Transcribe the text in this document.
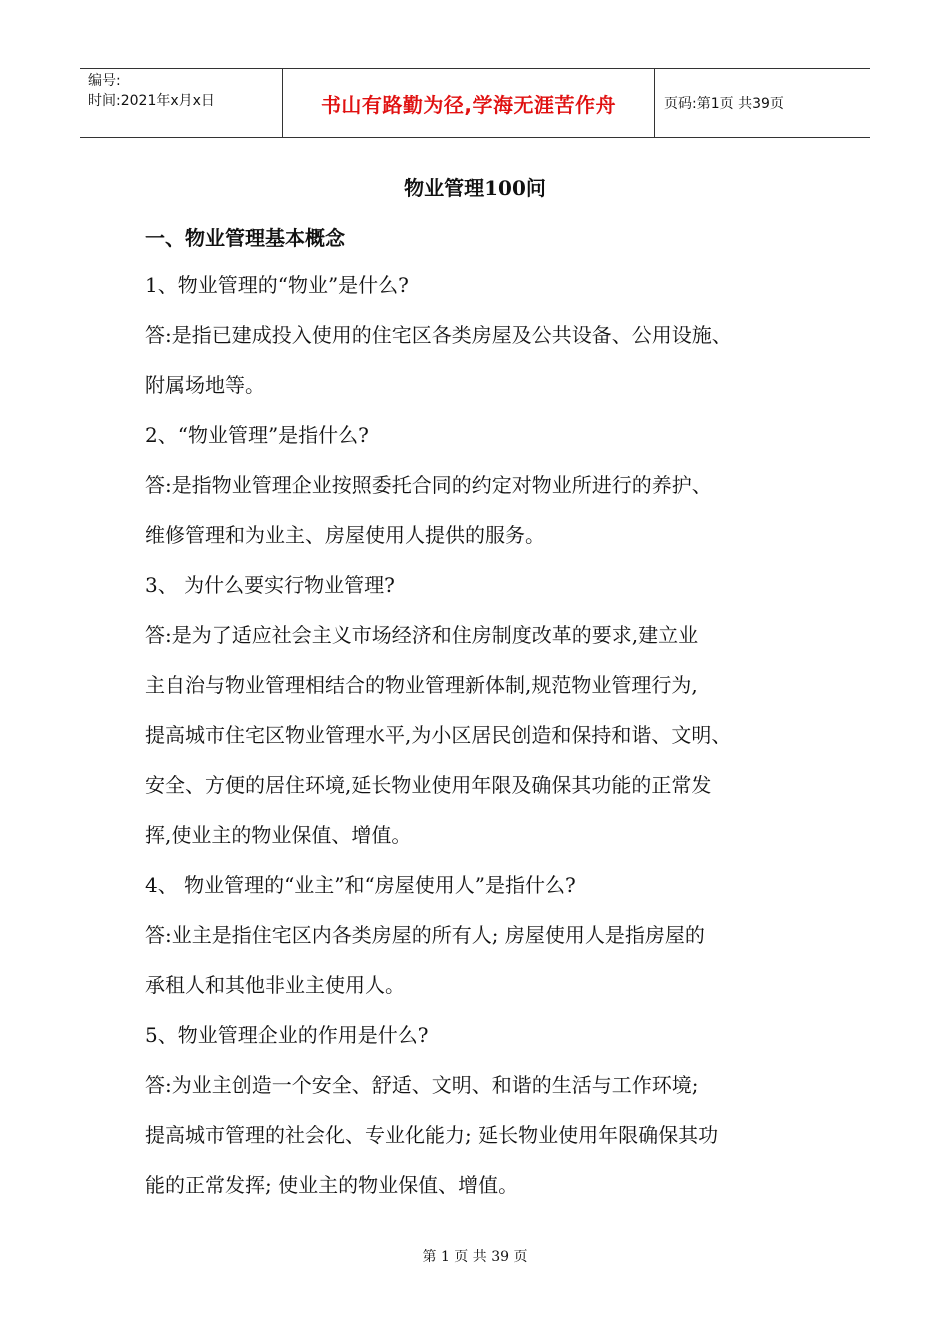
编号:
时间:2021年x月x日	书山有路勤为径,学海无涯苦作舟	页码:第1页 共39页
物业管理100问
一、物业管理基本概念
1、物业管理的“物业”是什么?
答:是指已建成投入使用的住宅区各类房屋及公共设备、公用设施、
附属场地等。
2、“物业管理”是指什么?
答:是指物业管理企业按照委托合同的约定对物业所进行的养护、
维修管理和为业主、房屋使用人提供的服务。
3、 为什么要实行物业管理?
答:是为了适应社会主义市场经济和住房制度改革的要求,建立业
主自治与物业管理相结合的物业管理新体制,规范物业管理行为,
提高城市住宅区物业管理水平,为小区居民创造和保持和谐、文明、
安全、方便的居住环境,延长物业使用年限及确保其功能的正常发
挥,使业主的物业保值、增值。
4、 物业管理的“业主”和“房屋使用人”是指什么?
答:业主是指住宅区内各类房屋的所有人; 房屋使用人是指房屋的
承租人和其他非业主使用人。
5、物业管理企业的作用是什么?
答:为业主创造一个安全、舒适、文明、和谐的生活与工作环境;
提高城市管理的社会化、专业化能力; 延长物业使用年限确保其功
能的正常发挥; 使业主的物业保值、增值。
第 1 页 共 39 页
